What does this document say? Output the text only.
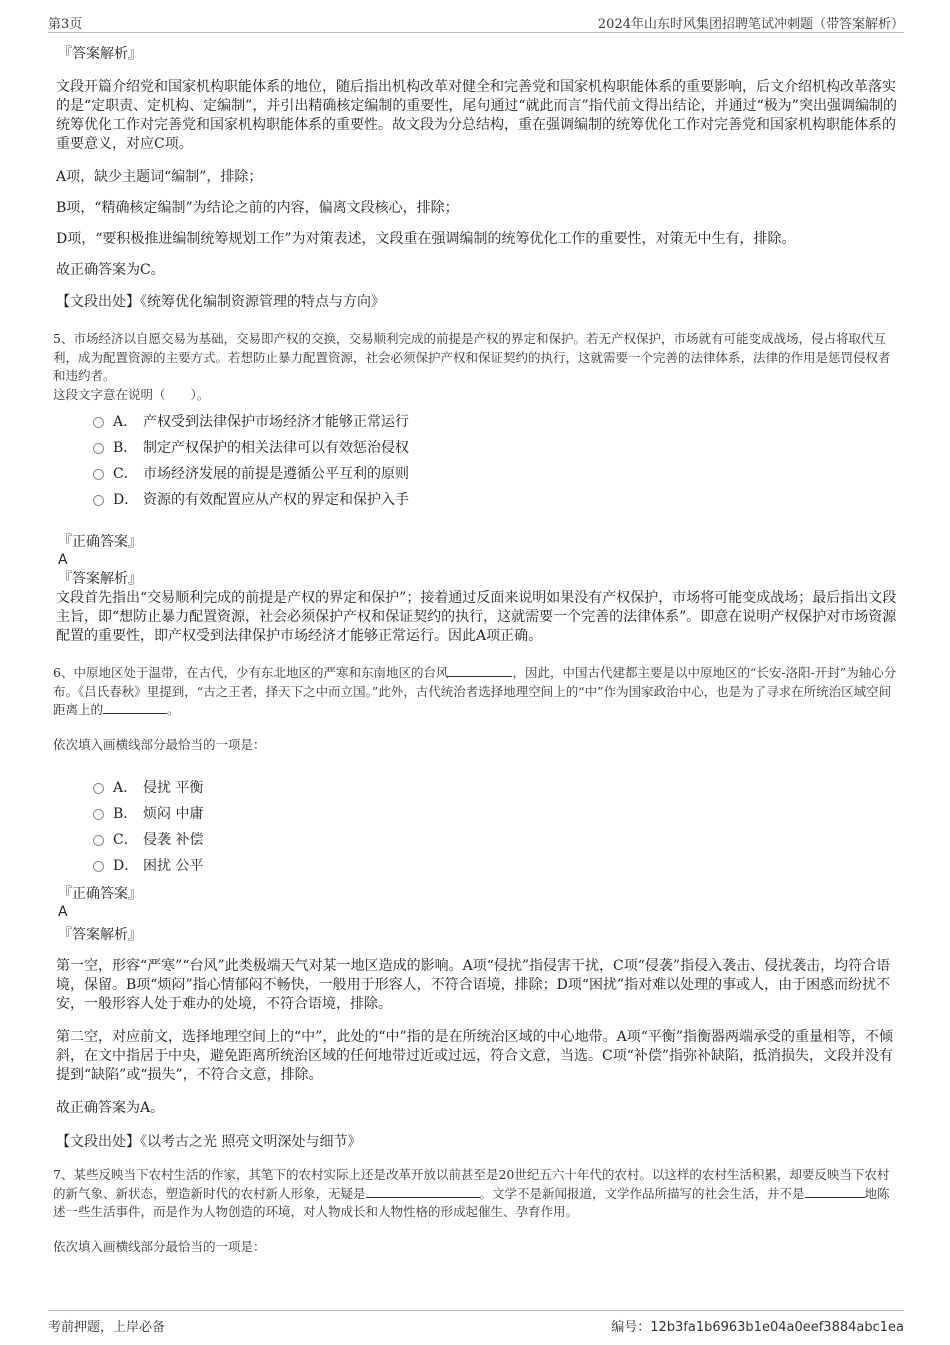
第3页	2024年山东时风集团招聘笔试冲刺题（带答案解析）

『答案解析』

文段开篇介绍党和国家机构职能体系的地位，随后指出机构改革对健全和完善党和国家机构职能体系的重要影响，后文介绍机构改革落实的是“定职责、定机构、定编制”，并引出精确核定编制的重要性，尾句通过“就此而言”指代前文得出结论，并通过“极为”突出强调编制的统筹优化工作对完善党和国家机构职能体系的重要性。故文段为分总结构，重在强调编制的统筹优化工作对完善党和国家机构职能体系的重要意义，对应C项。

A项，缺少主题词“编制”，排除；

B项，“精确核定编制”为结论之前的内容，偏离文段核心，排除；

D项，“要积极推进编制统筹规划工作”为对策表述，文段重在强调编制的统筹优化工作的重要性，对策无中生有，排除。

故正确答案为C。

【文段出处】《统筹优化编制资源管理的特点与方向》

5、市场经济以自愿交易为基础，交易即产权的交换，交易顺利完成的前提是产权的界定和保护。若无产权保护，市场就有可能变成战场，侵占将取代互利，成为配置资源的主要方式。若想防止暴力配置资源，社会必须保护产权和保证契约的执行，这就需要一个完善的法律体系，法律的作用是惩罚侵权者和违约者。

这段文字意在说明（　　）。

A． 产权受到法律保护市场经济才能够正常运行
B． 制定产权保护的相关法律可以有效惩治侵权
C． 市场经济发展的前提是遵循公平互利的原则
D． 资源的有效配置应从产权的界定和保护入手

『正确答案』

A

『答案解析』

文段首先指出“交易顺利完成的前提是产权的界定和保护”；接着通过反面来说明如果没有产权保护，市场将可能变成战场；最后指出文段主旨，即“想防止暴力配置资源，社会必须保护产权和保证契约的执行，这就需要一个完善的法律体系”。即意在说明产权保护对市场资源配置的重要性，即产权受到法律保护市场经济才能够正常运行。因此A项正确。

6、中原地区处于温带，在古代，少有东北地区的严寒和东南地区的台风	，因此，中国古代建都主要是以中原地区的“长安-洛阳-开封”为轴心分布。《吕氏春秋》里提到，“古之王者，择天下之中而立国。”此外，古代统治者选择地理空间上的“中”作为国家政治中心，也是为了寻求在所统治区域空间距离上的	。

依次填入画横线部分最恰当的一项是：

A． 侵扰 平衡
B． 烦闷 中庸
C． 侵袭 补偿
D． 困扰 公平

『正确答案』

A

『答案解析』

第一空，形容“严寒”“台风”此类极端天气对某一地区造成的影响。A项“侵扰”指侵害干扰，C项“侵袭”指侵入袭击、侵扰袭击，均符合语境，保留。B项“烦闷”指心情郁闷不畅快，一般用于形容人，不符合语境，排除；D项“困扰”指对难以处理的事或人，由于困惑而纷扰不安，一般形容人处于难办的处境，不符合语境，排除。

第二空，对应前文，选择地理空间上的“中”，此处的“中”指的是在所统治区域的中心地带。A项“平衡”指衡器两端承受的重量相等，不倾斜，在文中指居于中央，避免距离所统治区域的任何地带过近或过远，符合文意，当选。C项“补偿”指弥补缺陷，抵消损失，文段并没有提到“缺陷”或“损失”，不符合文意，排除。

故正确答案为A。

【文段出处】《以考古之光 照亮文明深处与细节》

7、某些反映当下农村生活的作家，其笔下的农村实际上还是改革开放以前甚至是20世纪五六十年代的农村。以这样的农村生活积累，却要反映当下农村的新气象、新状态，塑造新时代的农村新人形象，无疑是	。文学不是新闻报道，文学作品所描写的社会生活，并不是	地陈述一些生活事件，而是作为人物创造的环境，对人物成长和人物性格的形成起催生、孕育作用。

依次填入画横线部分最恰当的一项是：

考前押题，上岸必备	编号：12b3fa1b6963b1e04a0eef3884abc1ea
